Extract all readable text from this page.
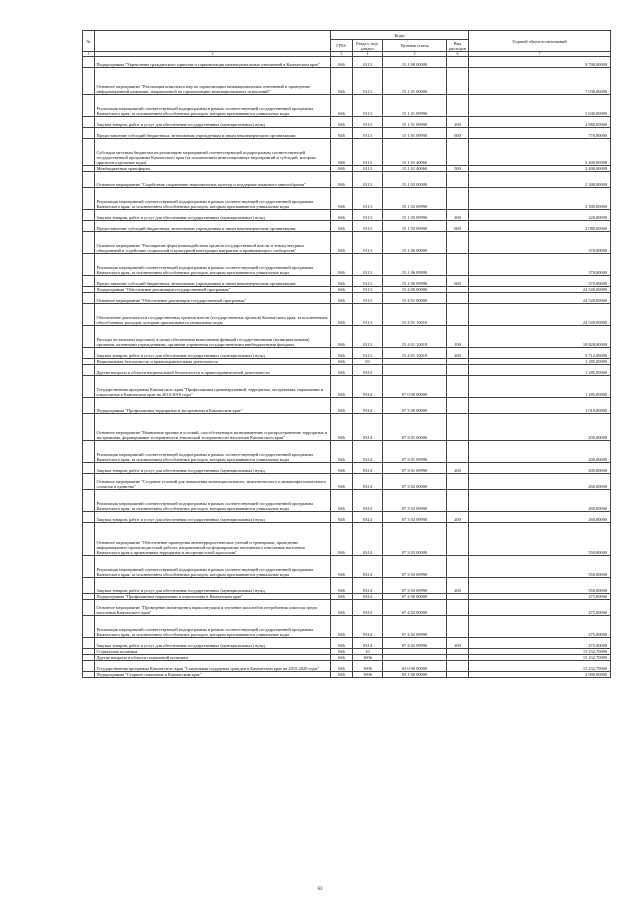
№		Коды				Годовой объем ассигнований
		ГРБС	Раздел, под- раздел	Целевая статья	Вид расходов	
1	2	3	4	5	6	7
	Подпрограмма "Укрепление гражданского единства и гармонизация межнациональных отношений в Камчатском крае"	846	0113	15 1 00 00000		9 700,00000
	Основное мероприятие "Реализация комплекса мер по гармонизации межнациональных отношений и проведение информационной кампании, направленной на гармонизацию межнациональных отношений"	846	0113	15 1 01 00000		7 030,00000
	Реализация мероприятий соответствующей подпрограммы в рамках соответствующей государственной программы Камчатского края, за исключением обособленных расходов, которым присваиваются уникальные коды	846	0113	15 1 01 09990		3 630,00000
	Закупка товаров, работ и услуг для обеспечения государственных (муниципальных) нужд	846	0113	15 1 01 09990	200	2 860,00000
	Предоставление субсидий бюджетным, автономным учреждениям и иным некоммерческим организациям	846	0113	15 1 01 09990	600	770,00000
	Субсидии местным бюджетам на реализацию мероприятий соответствующей подпрограммы соответствующей государственной программы Камчатского края (за исключением инвестиционных мероприятий и субсидий, которым присвоен отдельные коды)	846	0113	15 1 01 40060		3 400,00000
	Межбюджетные трансферты	846	0113	15 1 01 40060	500	3 400,00000
	Основное мероприятие "Содействие сохранению национальных культур и поддержке языкового многообразия"	846	0113	15 1 03 00000		2 300,00000
	Реализация мероприятий соответствующей подпрограммы в рамках соответствующей государственной программы Камчатского края, за исключением обособленных расходов, которым присваиваются уникальные коды	846	0113	15 1 03 09990		2 300,00000
	Закупка товаров, работ и услуг для обеспечения государственных (муниципальных) нужд	846	0113	15 1 03 09990	200	220,00000
	Предоставление субсидий бюджетным, автономным учреждениям и иным некоммерческим организациям	846	0113	15 1 03 09990	600	2 080,00000
	Основное мероприятие "Расширение форм взаимодействия органов государственной власти и этнокультурных объединений и содействие социальной и культурной интеграции мигрантов и принимающего сообщества"	846	0113	15 1 06 00000		370,00000
	Реализация мероприятий соответствующей подпрограммы в рамках соответствующей государственной программы Камчатского края, за исключением обособленных расходов, которым присваиваются уникальные коды	846	0113	15 1 06 09990		370,00000
	Предоставление субсидий бюджетным, автономным учреждениям и иным некоммерческим организациям	846	0113	15 1 06 09990	600	370,00000
	Подпрограмма "Обеспечение реализации государственной программы"	846	0113	15 4 00 00000		24 540,00000
	Основное мероприятие "Обеспечение реализации государственной программы"	846	0113	15 4 01 00000		24 540,00000
	Обеспечение деятельности государственных органов власти (государственных органов) Камчатского края, за исключением обособленных расходов, которым присваиваются уникальные коды	846	0113	15 4 01 10010		24 540,00000
	Расходы на выплаты персоналу в целях обеспечения выполнения функций государственными (муниципальными) органами, казенными учреждениями, органами управления государственными внебюджетными фондами	846	0113	15 4 01 10010	100	18 828,00000
	Закупка товаров, работ и услуг для обеспечения государственных (муниципальных) нужд	846	0113	15 4 01 10010	200	5 712,00000
	Национальная безопасность и правоохранительная деятельность	846	03			1 285,00000
	Другие вопросы в области национальной безопасности и правоохранительной деятельности	846	0314			1 285,00000
	Государственная программа Камчатского края "Профилактика правонарушений, терроризма, экстремизма, наркомании и алкоголизма в Камчатском крае на 2014-2018 годы"	846	0314	07 0 00 00000		1 285,00000
	Подпрограмма "Профилактика терроризма и экстремизма в Камчатском крае"	846	0314	07 3 00 00000		1 010,00000
	Основное мероприятие "Выявление причин и условий, способствующих возникновению и распространению терроризма и экстремизма, формирование толерантности этнической толерантности населения Камчатского края"	846	0314	07 3 01 00000		200,00000
	Реализация мероприятий соответствующей подпрограммы в рамках соответствующей государственной программы Камчатского края, за исключением обособленных расходов, которым присваиваются уникальные коды	846	0314	07 3 01 09990		200,00000
	Закупка товаров, работ и услуг для обеспечения государственных (муниципальных) нужд	846	0314	07 3 01 09990	200	200,00000
	Основное мероприятие "Создание условий для повышения межнационального, межэтнического и межконфессионального согласия и единства"	846	0314	07 3 02 00000		260,00000
	Реализация мероприятий соответствующей подпрограммы в рамках соответствующей государственной программы Камчатского края, за исключением обособленных расходов, которым присваиваются уникальные коды	846	0314	07 3 02 09990		260,00000
	Закупка товаров, работ и услуг для обеспечения государственных (муниципальных) нужд	846	0314	07 3 02 09990	200	260,00000
	Основное мероприятие "Обеспечение проведения антитеррористических учений и тренировок, проведение информационно-пропагандистской работы, направленной на формирование негативного отношения населения Камчатского края к проявлениям терроризма и экстремистской идеологии"	846	0314	07 3 03 00000		550,00000
	Реализация мероприятий соответствующей подпрограммы в рамках соответствующей государственной программы Камчатского края, за исключением обособленных расходов, которым присваиваются уникальные коды	846	0314	07 3 03 09990		550,00000
	Закупка товаров, работ и услуг для обеспечения государственных (муниципальных) нужд	846	0314	07 3 03 09990	200	550,00000
	Подпрограмма "Профилактика наркомании и алкоголизма в Камчатском крае"	846	0314	07 4 00 00000		275,00000
	Основное мероприятие "Проведение мониторинга наркоситуации и изучение масштабов потребления алкоголя среди населения Камчатского края"	846	0314	07 4 02 00000		275,00000
	Реализация мероприятий соответствующей подпрограммы в рамках соответствующей государственной программы Камчатского края, за исключением обособленных расходов, которым присваиваются уникальные коды	846	0314	07 4 02 09990		275,00000
	Закупка товаров, работ и услуг для обеспечения государственных (муниципальных) нужд	846	0314	07 4 02 09990	200	275,00000
	Социальная политика	846	10			15 232,70000
	Другие вопросы в области социальной политики	846	1006			15 232,70000
	Государственная программа Камчатского края "Социальная поддержка граждан в Камчатском крае на 2015-2020 годы"	846	1006	03 0 00 00000		15 232,70000
	Подпрограмма "Старшее поколение в Камчатском крае"	846	1006	03 1 00 00000		2 900,00000
63
